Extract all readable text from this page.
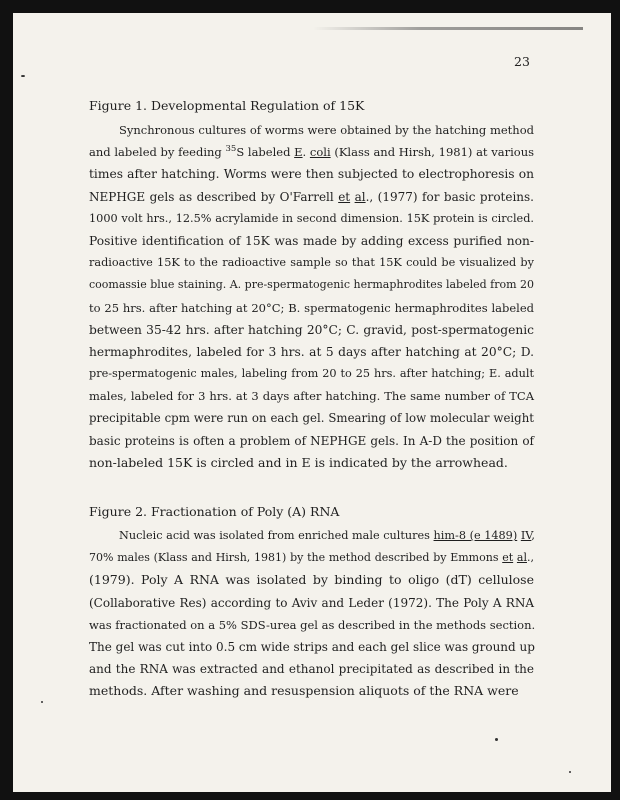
23
Figure 1. Developmental Regulation of 15K
Synchronous cultures of worms were obtained by the hatching method
and labeled by feeding $^{35}$S labeled E. coli (Klass and Hirsh, 1981) at various
times after hatching. Worms were then subjected to electrophoresis on
NEPHGE gels as described by O'Farrell et al., (1977) for basic proteins.
1000 volt hrs., 12.5% acrylamide in second dimension. 15K protein is circled.
Positive identification of 15K was made by adding excess purified non-
radioactive 15K to the radioactive sample so that 15K could be visualized by
coomassie blue staining. A. pre-spermatogenic hermaphrodites labeled from 20
to 25 hrs. after hatching at 20°C; B. spermatogenic hermaphrodites labeled
between 35-42 hrs. after hatching 20°C; C. gravid, post-spermatogenic
hermaphrodites, labeled for 3 hrs. at 5 days after hatching at 20°C; D.
pre-spermatogenic males, labeling from 20 to 25 hrs. after hatching; E. adult
males, labeled for 3 hrs. at 3 days after hatching. The same number of TCA
precipitable cpm were run on each gel. Smearing of low molecular weight
basic proteins is often a problem of NEPHGE gels. In A-D the position of
non-labeled 15K is circled and in E is indicated by the arrowhead.
Figure 2. Fractionation of Poly (A) RNA
Nucleic acid was isolated from enriched male cultures him-8 (e 1489) IV,
70% males (Klass and Hirsh, 1981) by the method described by Emmons et al.,
(1979). Poly A RNA was isolated by binding to oligo (dT) cellulose
(Collaborative Res) according to Aviv and Leder (1972). The Poly A RNA
was fractionated on a 5% SDS-urea gel as described in the methods section.
The gel was cut into 0.5 cm wide strips and each gel slice was ground up
and the RNA was extracted and ethanol precipitated as described in the
methods. After washing and resuspension aliquots of the RNA were
